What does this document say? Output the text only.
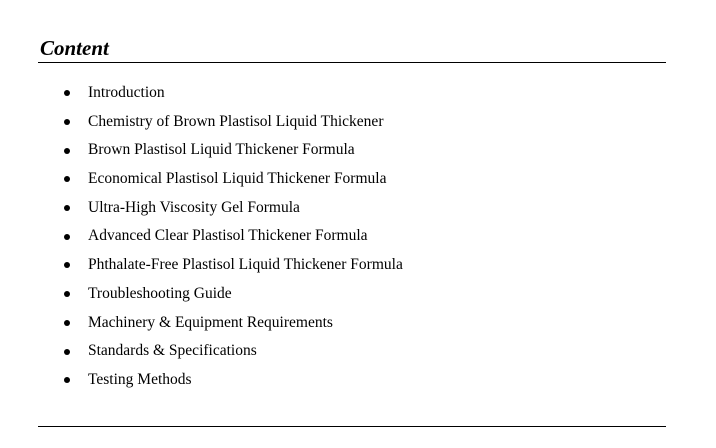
Content
Introduction
Chemistry of Brown Plastisol Liquid Thickener
Brown Plastisol Liquid Thickener Formula
Economical Plastisol Liquid Thickener Formula
Ultra-High Viscosity Gel Formula
Advanced Clear Plastisol Thickener Formula
Phthalate-Free Plastisol Liquid Thickener Formula
Troubleshooting Guide
Machinery & Equipment Requirements
Standards & Specifications
Testing Methods
